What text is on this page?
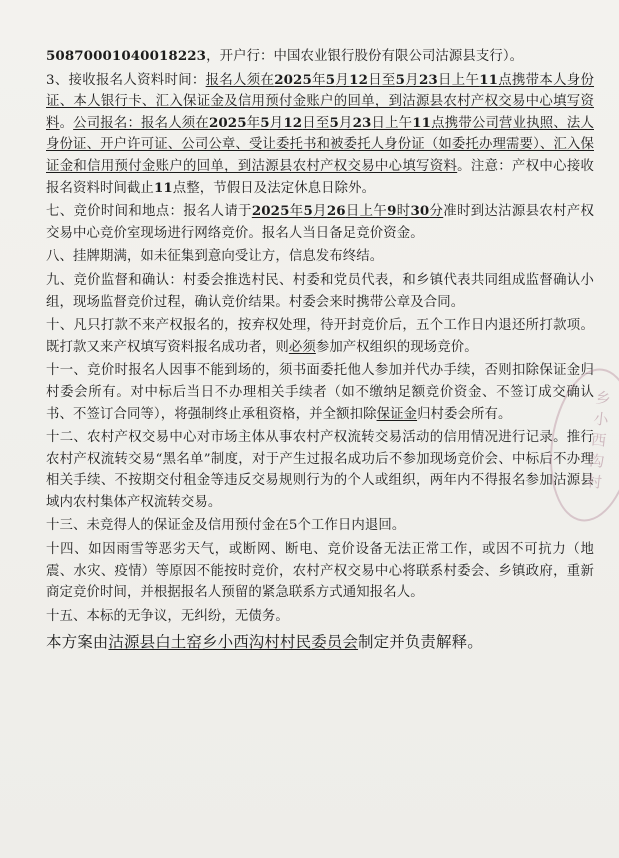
5087000104001​8223，开户行：中国农业银行股份有限公司沽源县支行）。

3、接收报名人资料时间：报名人须在2025年5月12日至5月23日上午11点携带本人身份证、本人银行卡、汇入保证金及信用预付金账户的回单，到沽源县农村产权交易中心填写资料。公司报名：报名人须在2025年5月12日至5月23日上午11点携带公司营业执照、法人身份证、开户许可证、公司公章、受让委托书和被委托人身份证（如委托办理需要）、汇入保证金和信用预付金账户的回单，到沽源县农村产权交易中心填写资料。注意：产权中心接收报名资料时间截止11点整，节假日及法定休息日除外。

七、竞价时间和地点：报名人请于2025年5月26日上午9时30分准时到达沽源县农村产权交易中心竞价室现场进行网络竞价。报名人当日备足竞价资金。

八、挂牌期满，如未征集到意向受让方，信息发布终结。

九、竞价监督和确认：村委会推选村民、村委和党员代表，和乡镇代表共同组成监督确认小组，现场监督竞价过程，确认竞价结果。村委会来时携带公章及合同。

十、凡只打款不来产权报名的，按弃权处理，待开封竞价后，五个工作日内退还所打款项。既打款又来产权填写资料报名成功者，则必须参加产权组织的现场竞价。

十一、竞价时报名人因事不能到场的，须书面委托他人参加并代办手续，否则扣除保证金归村委会所有。对中标后当日不办理相关手续者（如不缴纳足额竞价资金、不签订成交确认书、不签订合同等），将强制终止承租资格，并全额扣除保证金归村委会所有。

十二、农村产权交易中心对市场主体从事农村产权流转交易活动的信用情况进行记录。推行农村产权流转交易“黑名单”制度，对于产生过报名成功后不参加现场竞价会、中标后不办理相关手续、不按期交付租金等违反交易规则行为的个人或组织，两年内不得报名参加沽源县域内农村集体产权流转交易。

十三、未竞得人的保证金及信用预付金在5个工作日内退回。

十四、如因雨雪等恶劣天气，或断网、断电、竞价设备无法正常工作，或因不可抗力（地震、水灾、疫情）等原因不能按时竞价，农村产权交易中心将联系村委会、乡镇政府，重新商定竞价时间，并根据报名人预留的紧急联系方式通知报名人。

十五、本标的无争议，无纠纷，无债务。

本方案由沽源县白土窑乡小西沟村村民委员会制定并负责解释。

乡小西沟村
